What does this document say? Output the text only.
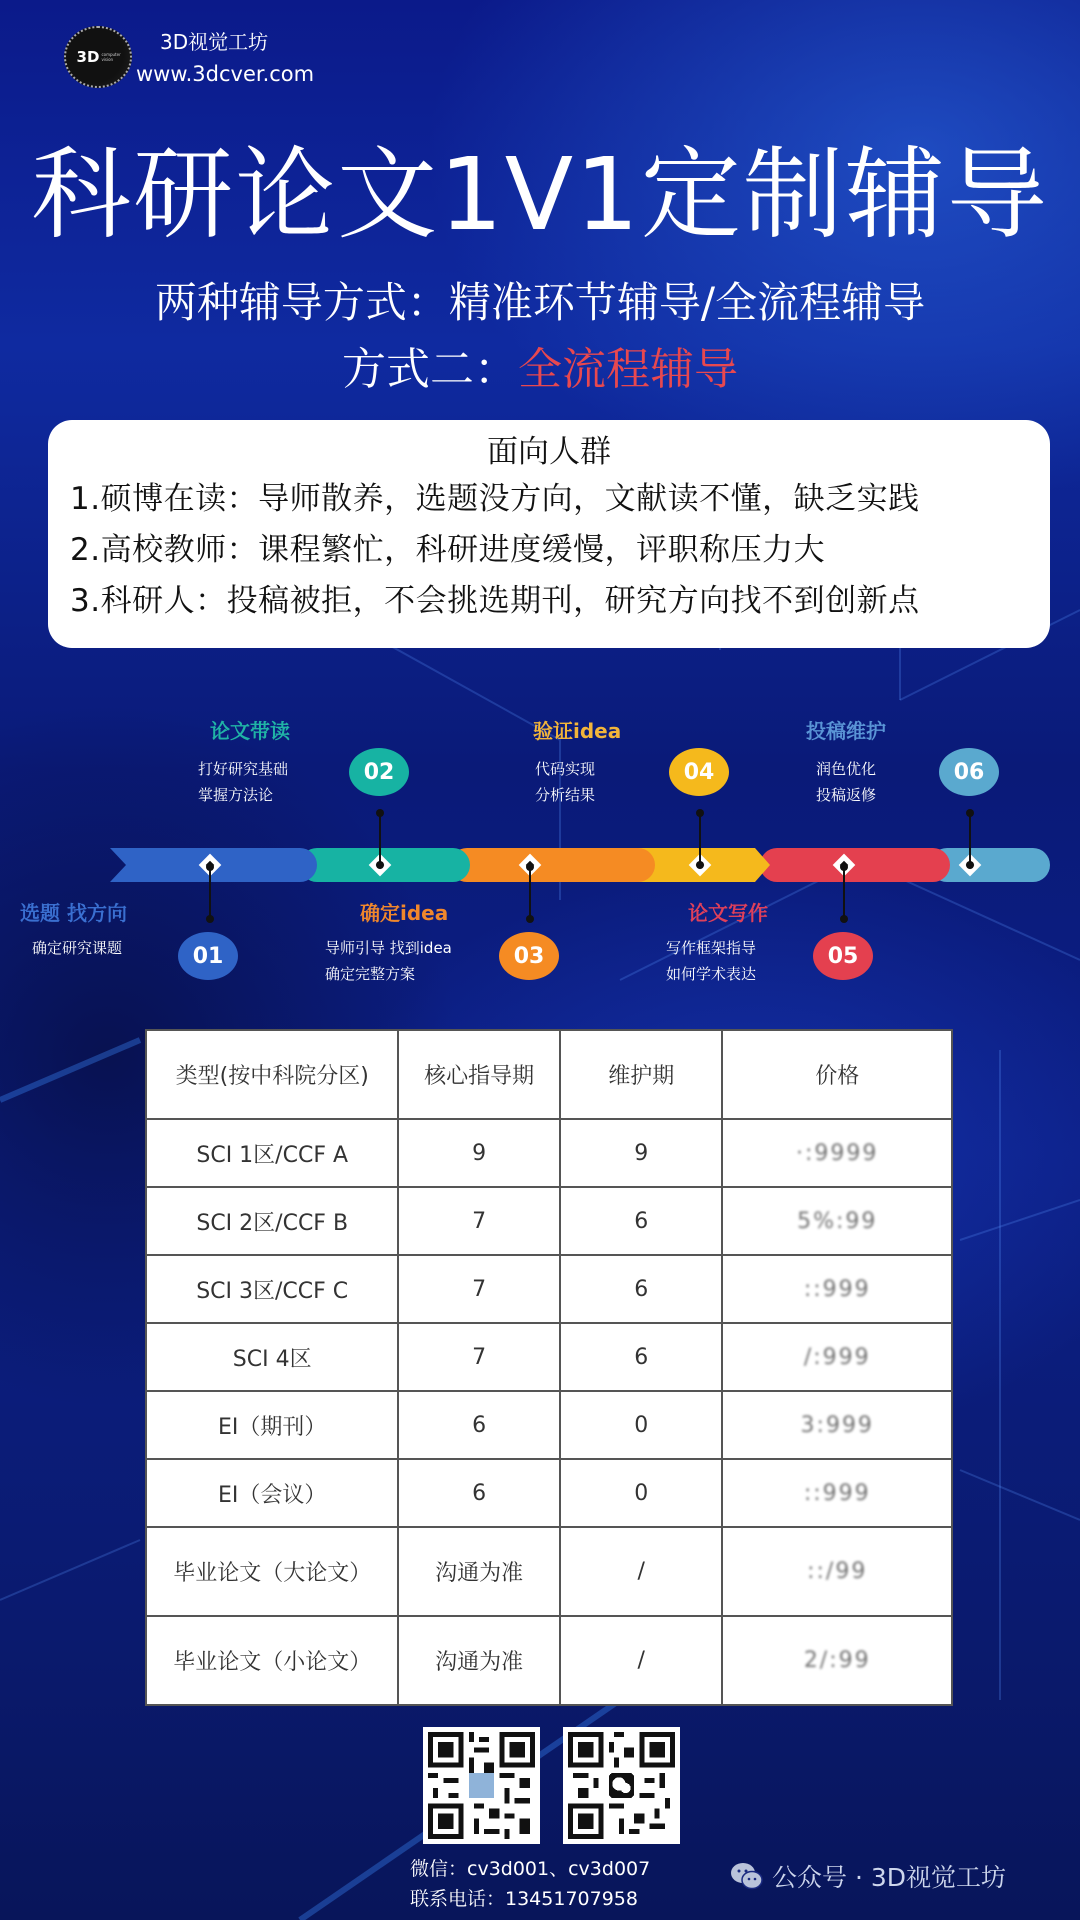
3D computer vision
3D视觉工坊
www.3dcver.com
科研论文1V1定制辅导
两种辅导方式：精准环节辅导/全流程辅导
方式二：全流程辅导
面向人群
1.硕博在读：导师散养，选题没方向，文献读不懂，缺乏实践
2.高校教师：课程繁忙，科研进度缓慢，评职称压力大
3.科研人：投稿被拒，不会挑选期刊，研究方向找不到创新点
选题 找方向
确定研究课题	01
论文带读
打好研究基础
掌握方法论
02
确定idea
导师引导 找到idea
确定完整方案
03
验证idea
代码实现
分析结果
04
论文写作
写作框架指导
如何学术表达
05
投稿维护
润色优化
投稿返修
06
类型(按中科院分区)	核心指导期	维护期	价格
SCI 1区/CCF A	9	9	·:9999
SCI 2区/CCF B	7	6	5%:99
SCI 3区/CCF C	7	6	::999
SCI 4区	7	6	/:999
EI（期刊）	6	0	3:999
EI（会议）	6	0	::999
毕业论文（大论文）	沟通为准	/	::/99
毕业论文（小论文）	沟通为准	/	2/:99
微信：cv3d001、cv3d007
联系电话：13451707958
公众号 · 3D视觉工坊
